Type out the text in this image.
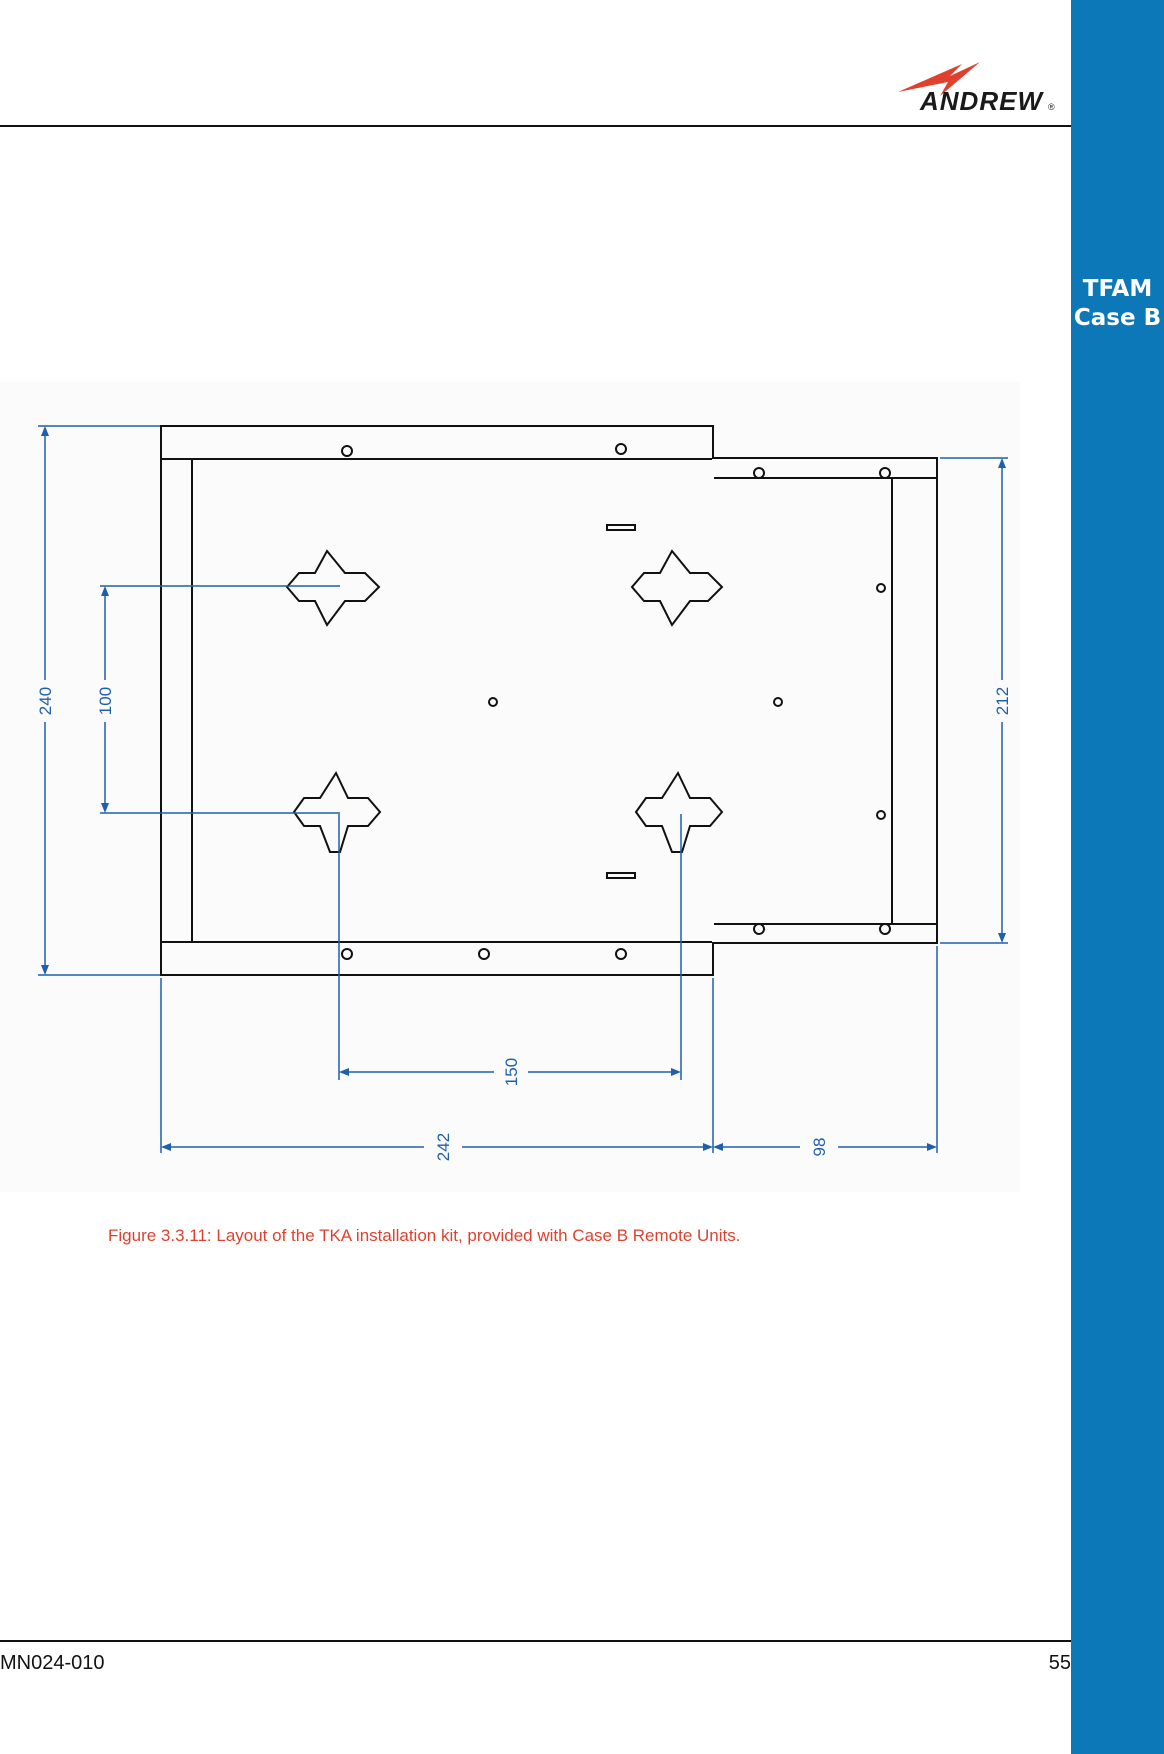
ANDREW ®
TFAM
Case B
240 100	212
150
242	98
Figure 3.3.11: Layout of the TKA installation kit, provided with Case B Remote Units.
MN024-010	55
